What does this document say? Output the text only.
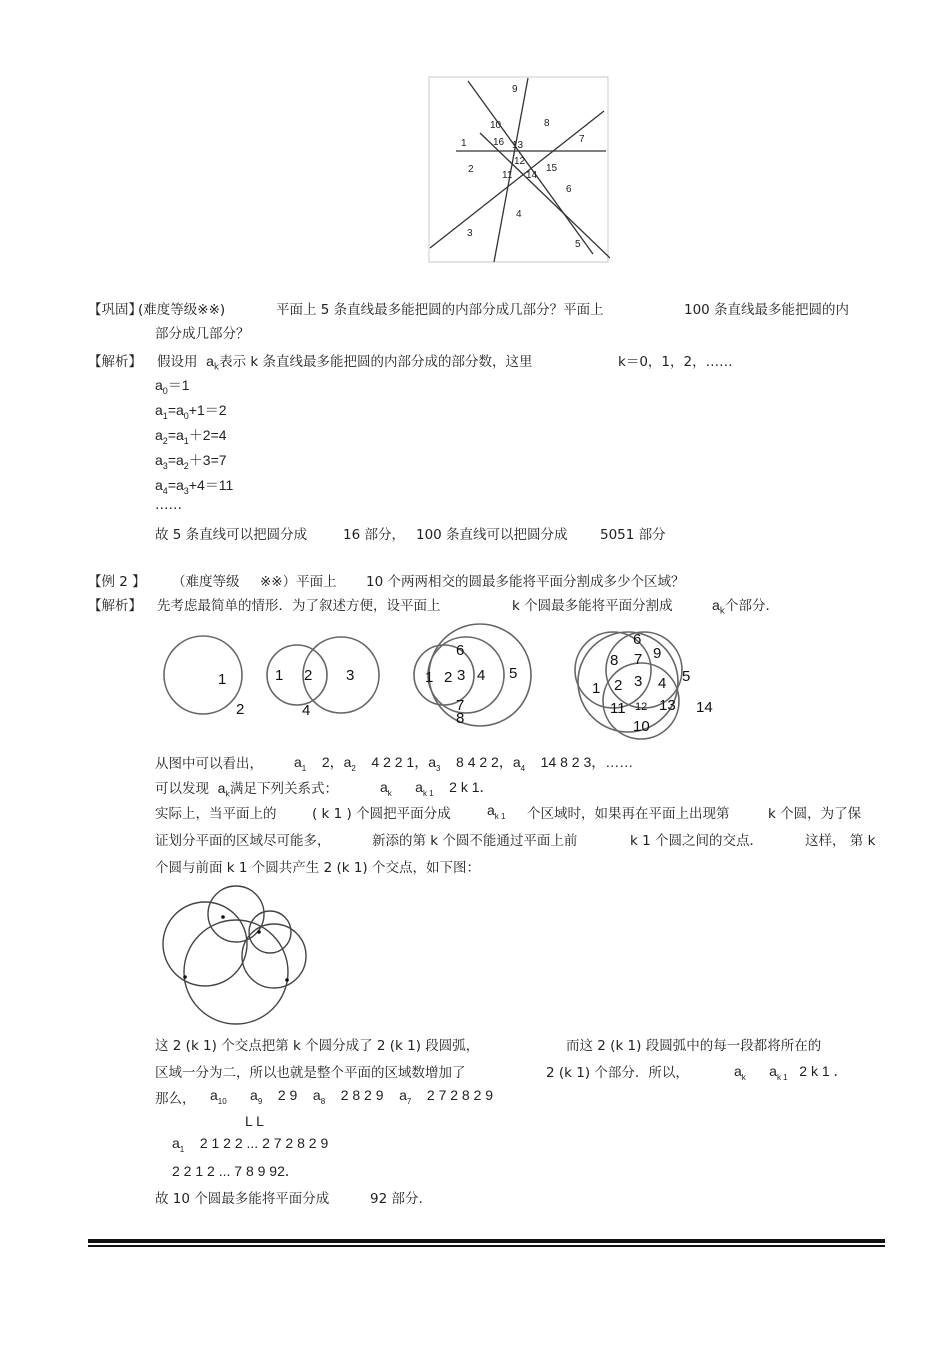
9
10	8
1	16 13
7
12
2
11 14
15
6
4
3
5
【巩固】
(难度等级※※)	平面上 5 条直线最多能把圆的内部分成几部分？平面上	100 条直线最多能把圆的内
部分成几部分？
【解析】 假设用 $a_k$表示 k 条直线最多能把圆的内部分成的部分数，这里	k＝0，1，2，……
$a_0=1$
$a_1=a_0+1=2$
$a_2=a_1+2=4$
$a_3=a_2+3=7$
$a_4=a_3+4=11$
……
故 5 条直线可以把圆分成	16 部分， 100 条直线可以把圆分成 5051 部分
【例 2 】 （难度等级 ※※）平面上 10 个两两相交的圆最多能将平面分割成多少个区域？
【解析】 先考虑最简单的情形．为了叙述方便，设平面上	k 个圆最多能将平面分割成	$a_k$个部分．
1
2
1 2 3
4
6
1 2 3 4 5
7
8
6
8 7 9
1 2 3 4 5
11 12 13 14
10
从图中可以看出， $a_1$ 2，$a_2$ 4 2 2 1，$a_3$ 8 4 2 2，$a_4$ 14 8 2 3，……
可以发现 $a_k$满足下列关系式：	$a_k$ $a_{k 1}$ 2 k 1．
实际上，当平面上的	( k 1 ) 个圆把平面分成	$a_{k 1}$ 个区域时，如果再在平面上出现第	k 个圆，为了保
证划分平面的区域尽可能多，	新添的第 k 个圆不能通过平面上前	k 1 个圆之间的交点．	这样， 第 k
个圆与前面 k 1 个圆共产生 2 (k 1) 个交点，如下图：
这 2 (k 1) 个交点把第 k 个圆分成了 2 (k 1) 段圆弧，	而这 2 (k 1) 段圆弧中的每一段都将所在的
区域一分为二，所以也就是整个平面的区域数增加了	2 (k 1) 个部分．所以，	$a_k$ $a_{k 1}$ 2 k 1 ．
那么， $a_{10}$ $a_9$ 2 9 $a_8$ 2 8 2 9 $a_7$ 2 7 2 8 2 9
L L
$a_1$ 2 1 2 2 ... 2 7 2 8 2 9
2 2 1 2 ... 7 8 9 92．
故 10 个圆最多能将平面分成	92 部分.
